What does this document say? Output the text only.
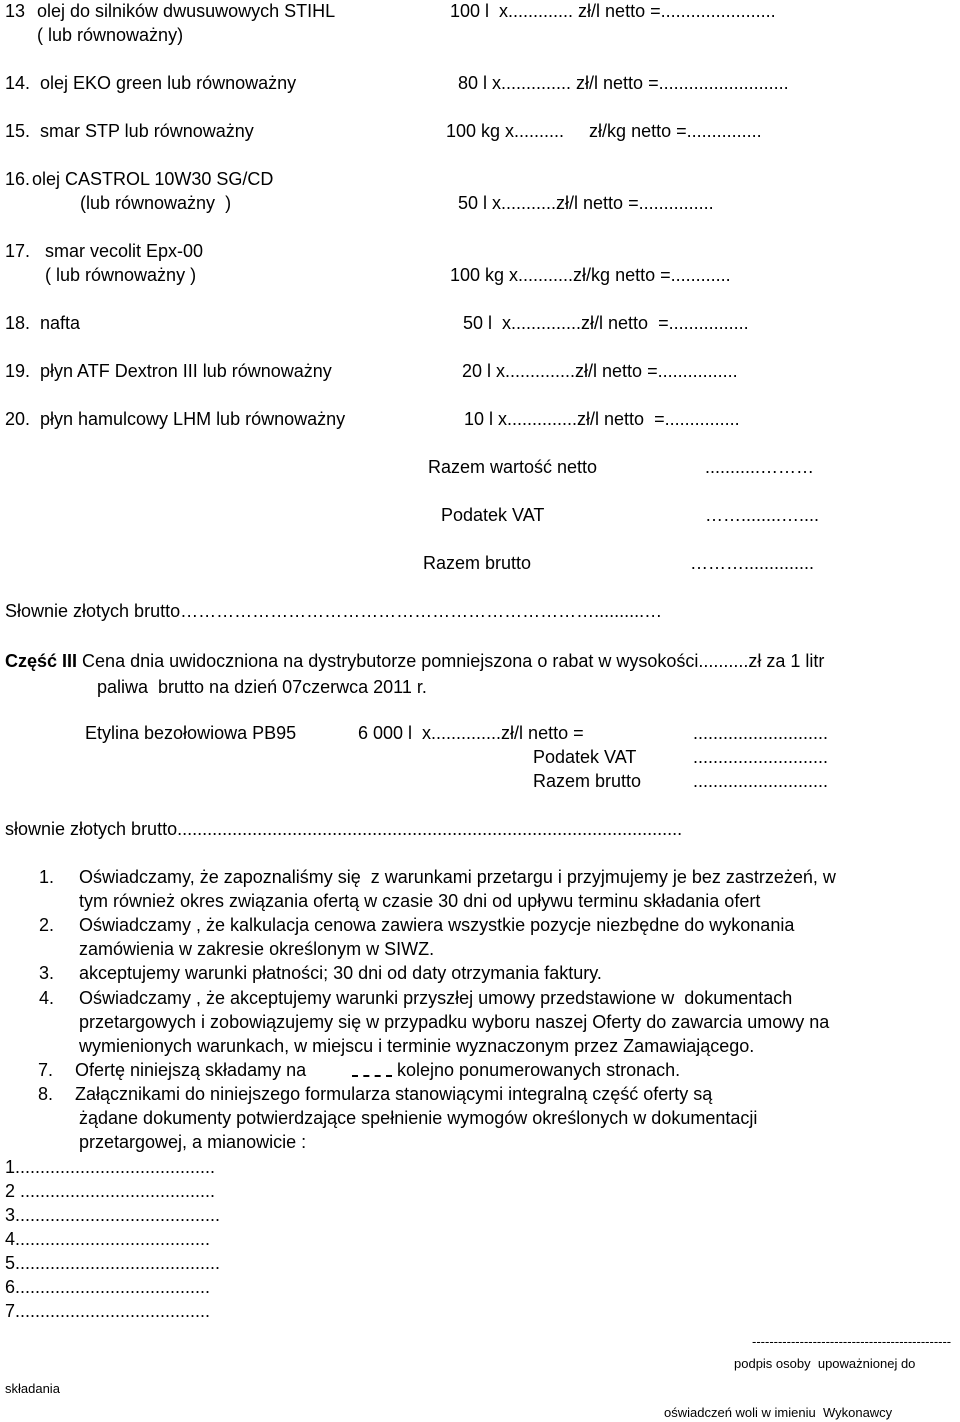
13 olej do silników dwusuwowych STIHL
( lub równoważny)
100 l  x............. zł/l netto =.......................
14. olej EKO green lub równoważny	80 l x.............. zł/l netto =..........................
15. smar STP lub równoważny	100 kg x..........     zł/kg netto =...............
16. olej CASTROL 10W30 SG/CD
(lub równoważny  )	50 l x...........zł/l netto =...............
17. smar vecolit Epx-00
( lub równoważny )	100 kg x...........zł/kg netto =............
18. nafta	50 l  x..............zł/l netto  =................
19. płyn ATF Dextron III lub równoważny	20 l x..............zł/l netto =................
20. płyn hamulcowy LHM lub równoważny	10 l x..............zł/l netto  =...............
Razem wartość netto	...........………
Podatek VAT	……........…....
Razem brutto	………..............
Słownie złotych brutto……………………………………………………………..........…
Część III Cena dnia uwidoczniona na dystrybutorze pomniejszona o rabat w wysokości..........zł za 1 litr
paliwa  brutto na dzień 07czerwca 2011 r.
Etylina bezołowiowa PB95	6 000 l  x..............zł/l netto =	...........................
Podatek VAT	...........................
Razem brutto	...........................
słownie złotych brutto.....................................................................................................
1. Oświadczamy, że zapoznaliśmy się  z warunkami przetargu i przyjmujemy je bez zastrzeżeń, w
tym również okres związania ofertą w czasie 30 dni od upływu terminu składania ofert
2. Oświadczamy , że kalkulacja cenowa zawiera wszystkie pozycje niezbędne do wykonania
zamówienia w zakresie określonym w SIWZ.
3. akceptujemy warunki płatności; 30 dni od daty otrzymania faktury.
4. Oświadczamy , że akceptujemy warunki przyszłej umowy przedstawione w  dokumentach
przetargowych i zobowiązujemy się w przypadku wyboru naszej Oferty do zawarcia umowy na
wymienionych warunkach, w miejscu i terminie wyznaczonym przez Zamawiającego.
7. Ofertę niniejszą składamy na	kolejno ponumerowanych stronach.
8. Załącznikami do niniejszego formularza stanowiącymi integralną część oferty są
żądane dokumenty potwierdzające spełnienie wymogów określonych w dokumentacji
przetargowej, a mianowicie :
1........................................
2 .......................................
3.........................................
4.......................................
5.........................................
6.......................................
7.......................................
----------------------------------------------
podpis osoby  upoważnionej do
składania
oświadczeń woli w imieniu  Wykonawcy
